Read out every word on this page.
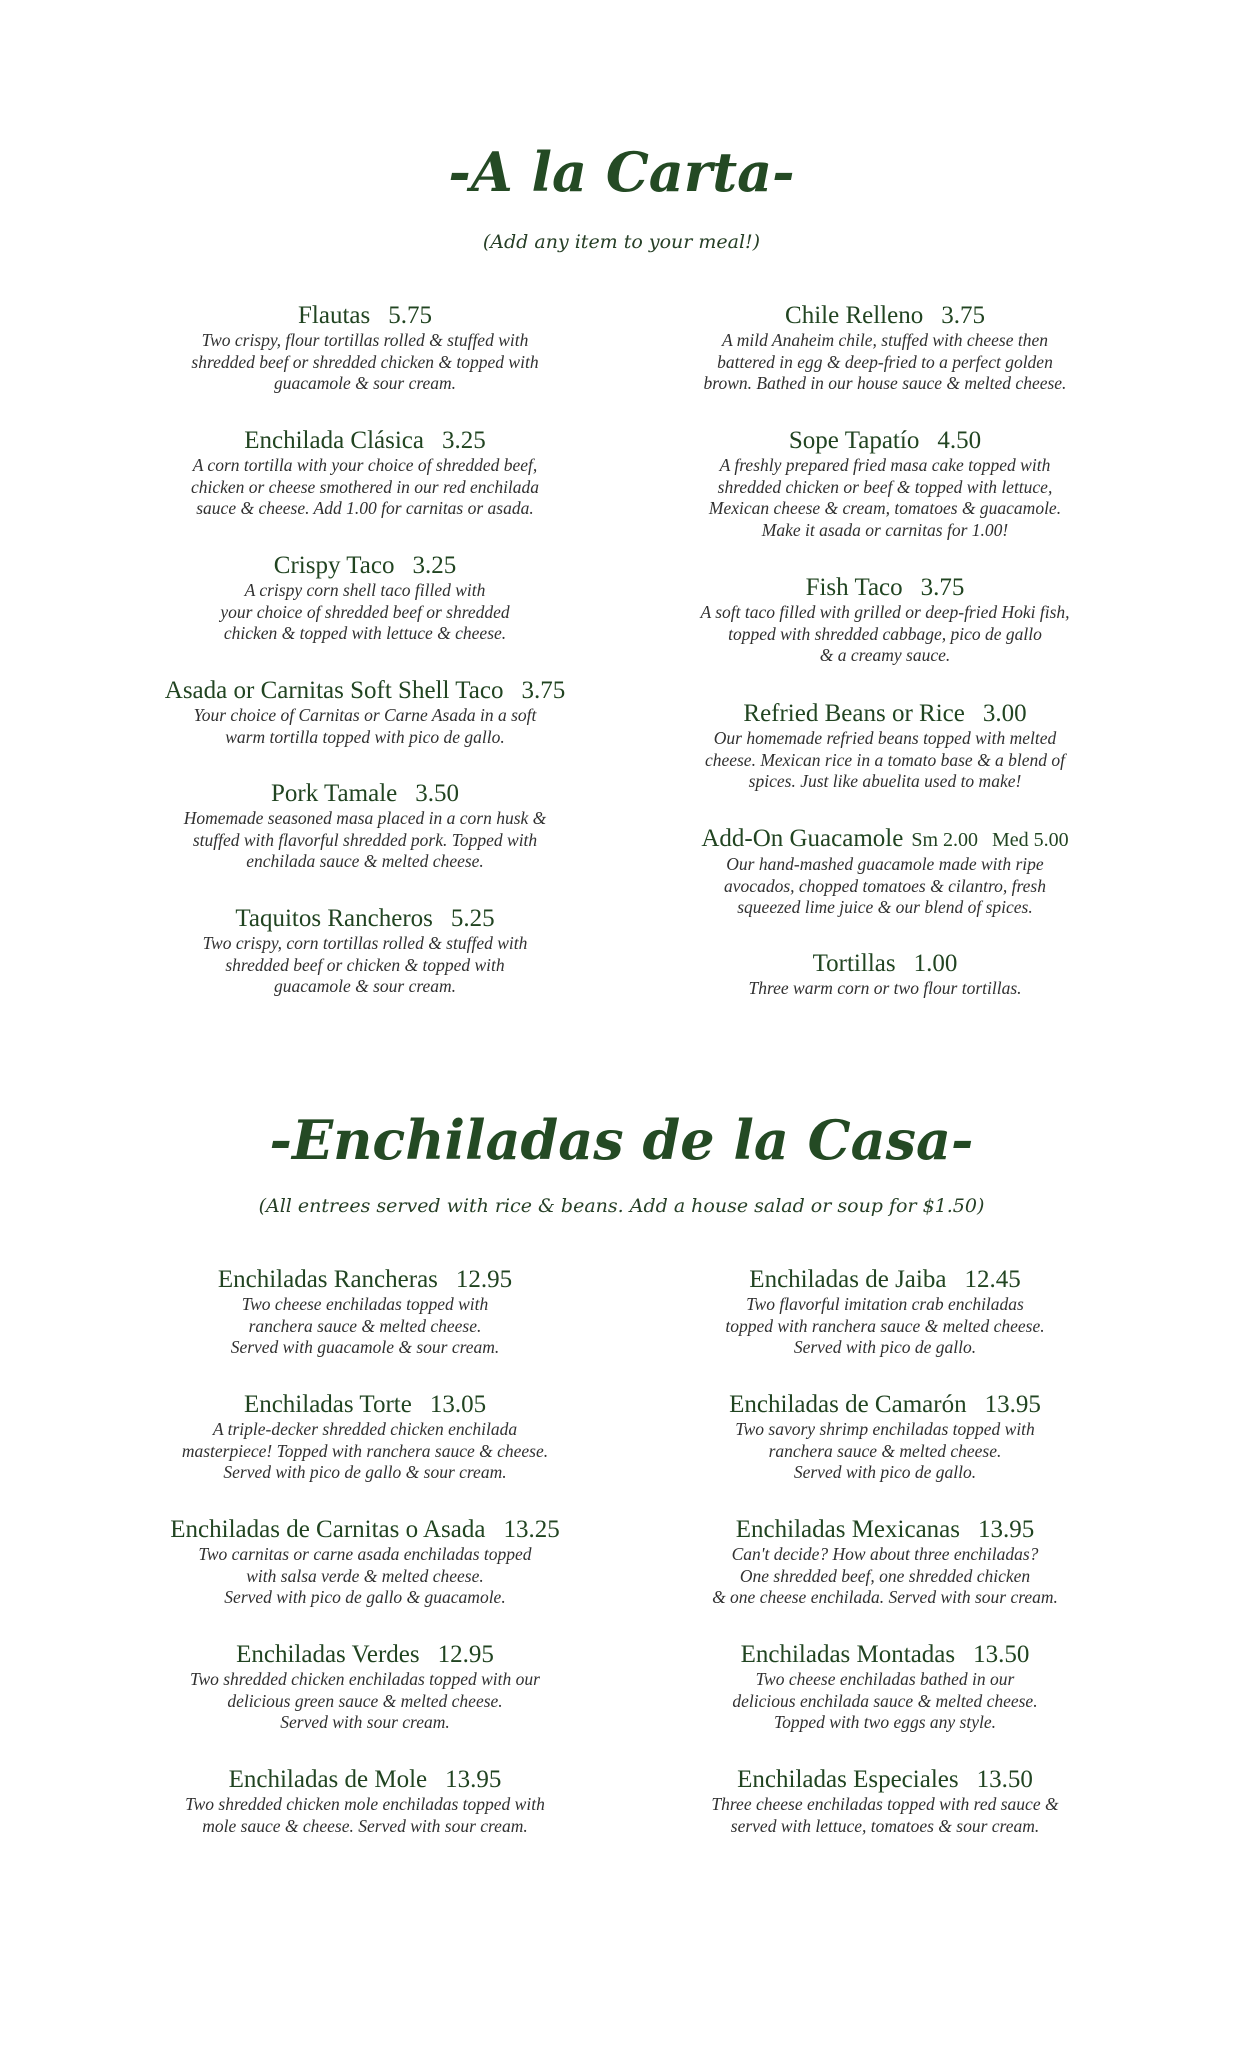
-A la Carta-

(Add any item to your meal!)

Flautas 5.75
Two crispy, flour tortillas rolled & stuffed with
shredded beef or shredded chicken & topped with
guacamole & sour cream.
Enchilada Clásica 3.25
A corn tortilla with your choice of shredded beef,
chicken or cheese smothered in our red enchilada
sauce & cheese. Add 1.00 for carnitas or asada.
Crispy Taco 3.25
A crispy corn shell taco filled with
your choice of shredded beef or shredded
chicken & topped with lettuce & cheese.
Asada or Carnitas Soft Shell Taco 3.75
Your choice of Carnitas or Carne Asada in a soft
warm tortilla topped with pico de gallo.
Pork Tamale 3.50
Homemade seasoned masa placed in a corn husk &
stuffed with flavorful shredded pork. Topped with
enchilada sauce & melted cheese.
Taquitos Rancheros 5.25
Two crispy, corn tortillas rolled & stuffed with
shredded beef or chicken & topped with
guacamole & sour cream.
Chile Relleno 3.75
A mild Anaheim chile, stuffed with cheese then
battered in egg & deep-fried to a perfect golden
brown. Bathed in our house sauce & melted cheese.
Sope Tapatío 4.50
A freshly prepared fried masa cake topped with
shredded chicken or beef & topped with lettuce,
Mexican cheese & cream, tomatoes & guacamole.
Make it asada or carnitas for 1.00!
Fish Taco 3.75
A soft taco filled with grilled or deep-fried Hoki fish,
topped with shredded cabbage, pico de gallo
& a creamy sauce.
Refried Beans or Rice 3.00
Our homemade refried beans topped with melted
cheese. Mexican rice in a tomato base & a blend of
spices. Just like abuelita used to make!
Add-On Guacamole Sm 2.00 Med 5.00
Our hand-mashed guacamole made with ripe
avocados, chopped tomatoes & cilantro, fresh
squeezed lime juice & our blend of spices.
Tortillas 1.00
Three warm corn or two flour tortillas.
-Enchiladas de la Casa-

(All entrees served with rice & beans. Add a house salad or soup for $1.50)

Enchiladas Rancheras 12.95
Two cheese enchiladas topped with
ranchera sauce & melted cheese.
Served with guacamole & sour cream.
Enchiladas Torte 13.05
A triple-decker shredded chicken enchilada
masterpiece! Topped with ranchera sauce & cheese.
Served with pico de gallo & sour cream.
Enchiladas de Carnitas o Asada 13.25
Two carnitas or carne asada enchiladas topped
with salsa verde & melted cheese.
Served with pico de gallo & guacamole.
Enchiladas Verdes 12.95
Two shredded chicken enchiladas topped with our
delicious green sauce & melted cheese.
Served with sour cream.
Enchiladas de Mole 13.95
Two shredded chicken mole enchiladas topped with
mole sauce & cheese. Served with sour cream.
Enchiladas de Jaiba 12.45
Two flavorful imitation crab enchiladas
topped with ranchera sauce & melted cheese.
Served with pico de gallo.
Enchiladas de Camarón 13.95
Two savory shrimp enchiladas topped with
ranchera sauce & melted cheese.
Served with pico de gallo.
Enchiladas Mexicanas 13.95
Can't decide? How about three enchiladas?
One shredded beef, one shredded chicken
& one cheese enchilada. Served with sour cream.
Enchiladas Montadas 13.50
Two cheese enchiladas bathed in our
delicious enchilada sauce & melted cheese.
Topped with two eggs any style.
Enchiladas Especiales 13.50
Three cheese enchiladas topped with red sauce &
served with lettuce, tomatoes & sour cream.
